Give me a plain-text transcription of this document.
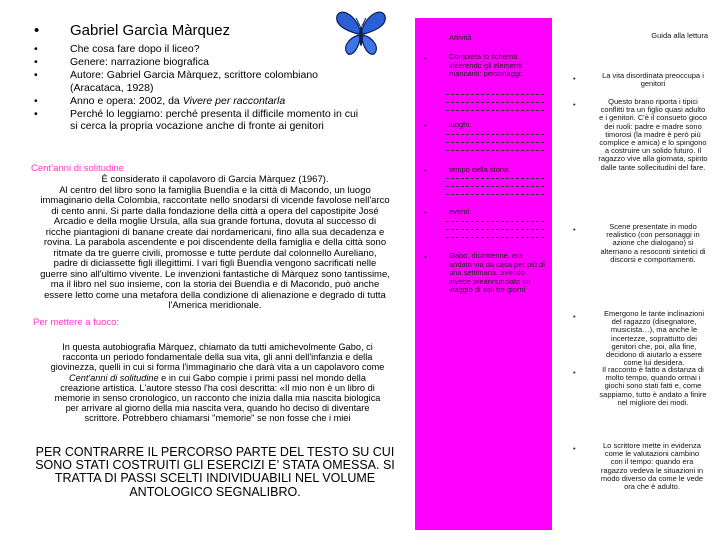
•	Gabriel Garcìa Màrquez
•	Che cosa fare dopo il liceo?
•	Genere: narrazione biografica
•	Autore: Gabriel Garcia Màrquez, scrittore colombiano (Aracataca, 1928)
•	Anno e opera: 2002, da Vivere per raccontarla
•	Perché lo leggiamo: perché presenta il difficile momento in cui si cerca la propria vocazione anche di fronte ai genitori
Cent’anni di solitudine

È considerato il capolavoro di Garcia Màrquez (1967).

Al centro del libro sono la famiglia Buendìa e la città di Macondo, un luogo immaginario della Colombia, raccontate nello snodarsi di vicende favolose nell'arco di cento anni. Si parte dalla fondazione della città a opera del capostipite José Arcadio e della moglie Ursula, alla sua grande fortuna, dovuta al successo di ricche piantagioni di banane create dai nordamericani, fino alla sua decadenza e rovina. La parabola ascendente e poi discendente della famiglia e della città sono ritmate da tre guerre civili, promosse e tutte perdute dal colonnello Aureliano, padre di diciassette figli illegittimi. I vari figli Buendìa vengono sacrificati nelle guerre sino all'ultimo vivente. Le invenzioni fantastiche di Màrquez sono tantissime, ma il libro nel suo insieme, con la storia dei Buendìa e di Macondo, può anche essere letto come una metafora della condizione di alienazione e degrado di tutta l'America meridionale.

Per mettere a fuoco:
In questa autobiografia Màrquez, chiamato da tutti amichevolmente Gabo, ci racconta un periodo fondamentale della sua vita, gli anni dell'infanzia e della giovinezza, quelli in cui si forma l'immaginario che darà vita a un capolavoro come Cent'anni di solitudine e in cui Gabo compie i primi passi nel mondo della creazione artistica. L'autore stesso l'ha così descritta: «Il mio non è un libro di memorie in senso cronologico, un racconto che inizia dalla mia nascita biologica per arrivare al giorno della mia nascita vera, quando ho deciso di diventare scrittore. Potrebbero chiamarsi "memorie" se non fosse che i miei
PER CONTRARRE IL PERCORSO PARTE DEL TESTO SU CUI SONO STATI COSTRUITI GLI ESERCIZI E’ STATA OMESSA. SI TRATTA DI PASSI SCELTI INDIVIDUABILI NEL VOLUME ANTOLOGICO SEGNALIBRO.
Attività
•	Completa lo schema inserendo gli elementi mancanti: personaggi:
•	luoghi:
•	tempo della storia:
•	eventi:
•	Gabo, diciottenne, era andato via da casa per più di una settimana, avendo invece preannunciato un viaggio di soli tre giorni
Guida alla lettura
•	La vita disordinata preoccupa i genitori
•	Questo brano riporta i tipici conflitti tra un figlio quasi adulto e i genitori. C'è il consueto gioco dei ruoli: padre e madre sono timorosi (la madre è però più complice e amica) e lo spingono a costruire un solido futuro. Il ragazzo vive alla giornata, spinto dalle tante sollecitudini del fare.
•	Scene presentate in modo realistico (con personaggi in azione che dialogano) si alternano a resoconti sintetici di discorsi e comportamenti.
•	Emergono le tante inclinazioni del ragazzo (disegnatore, musicista…), ma anche le incertezze, soprattutto dei genitori che, poi, alla fine, decidono di aiutarlo a essere come lui desidera.
•	Il racconto è fatto a distanza di molto tempo, quando ormai i giochi sono stati fatti e, come sappiamo, tutto è andato a finire nel migliore dei modi.
•	Lo scrittore mette in evidenza come le valutazioni cambino con il tempo: quando era ragazzo vedeva le situazioni in modo diverso da come le vede ora che è adulto.
